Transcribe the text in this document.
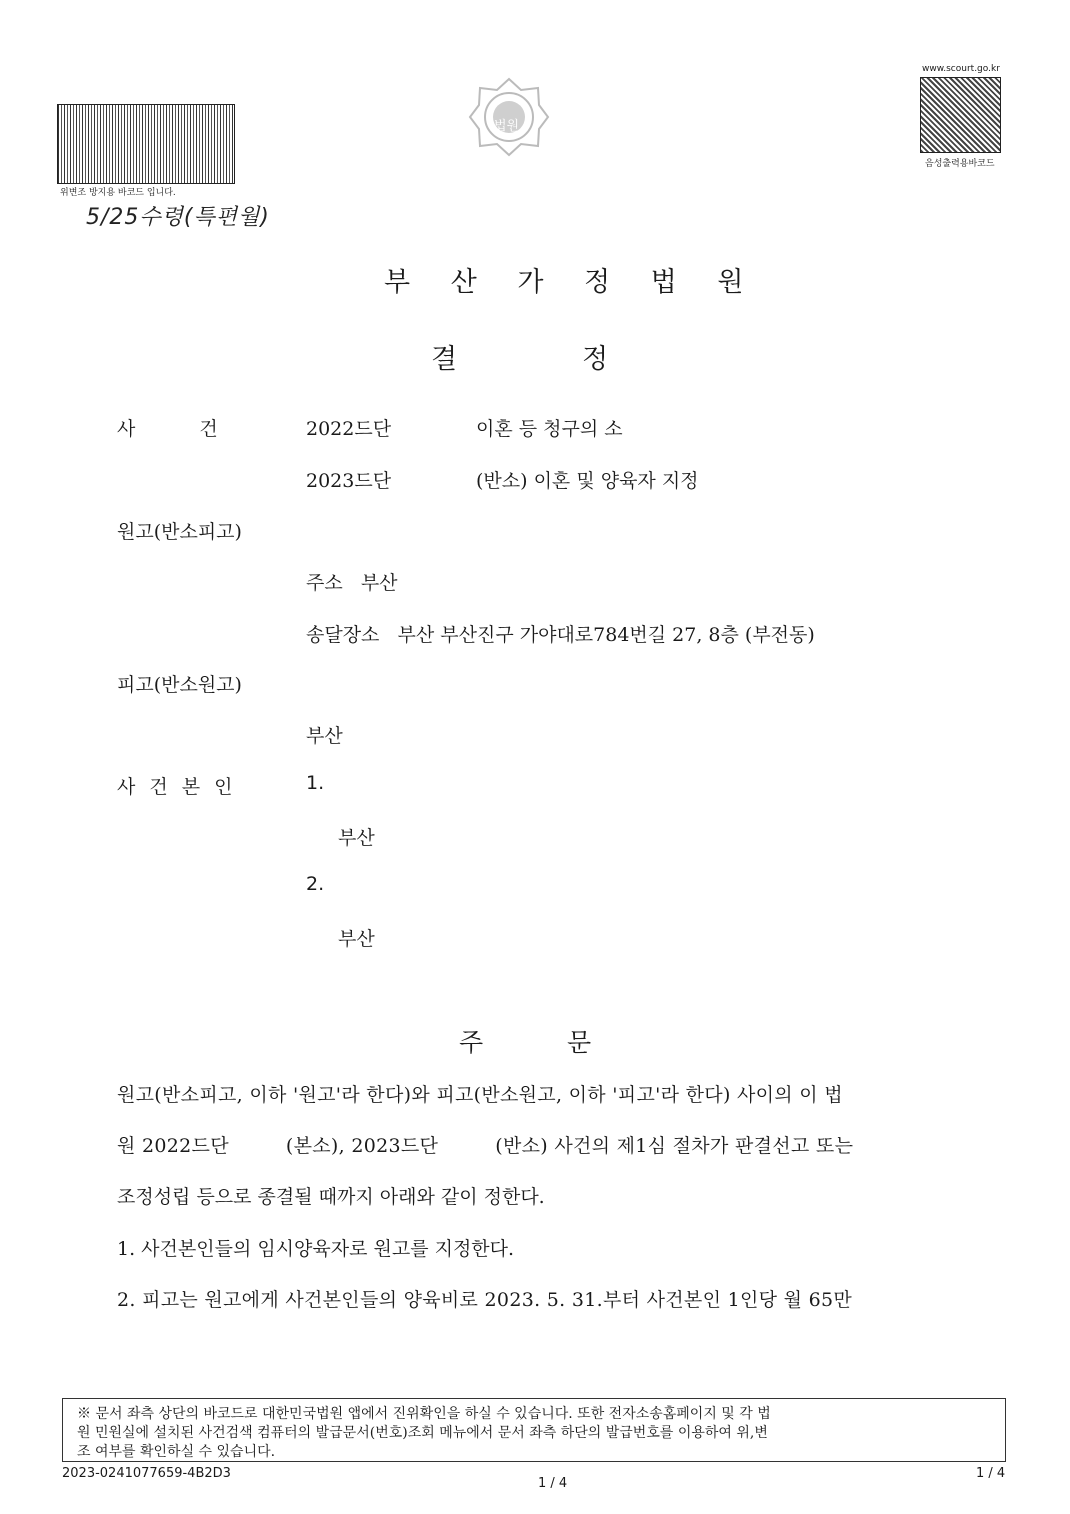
위변조 방지용 바코드 입니다.
5/25수령(특편월)
법원
www.scourt.go.kr
음성출력용바코드
부 산 가 정 법 원
결	정
사	건	2022드단	이혼 등 청구의 소
2023드단	(반소) 이혼 및 양육자 지정
원고(반소피고)
주소   부산
송달장소   부산 부산진구 가야대로784번길 27, 8층 (부전동)
피고(반소원고)
부산
사 건 본 인	1.
부산
2.
부산
주	문
원고(반소피고, 이하 '원고'라 한다)와 피고(반소원고, 이하 '피고'라 한다) 사이의 이 법
원 2022드단         (본소), 2023드단         (반소) 사건의 제1심 절차가 판결선고 또는
조정성립 등으로 종결될 때까지 아래와 같이 정한다.
1. 사건본인들의 임시양육자로 원고를 지정한다.
2. 피고는 원고에게 사건본인들의 양육비로 2023. 5. 31.부터 사건본인 1인당 월 65만
※ 문서 좌측 상단의 바코드로 대한민국법원 앱에서 진위확인을 하실 수 있습니다. 또한 전자소송홈페이지 및 각 법
원 민원실에 설치된 사건검색 컴퓨터의 발급문서(번호)조회 메뉴에서 문서 좌측 하단의 발급번호를 이용하여 위,변
조 여부를 확인하실 수 있습니다.
2023-0241077659-4B2D3
1 / 4
1 / 4
